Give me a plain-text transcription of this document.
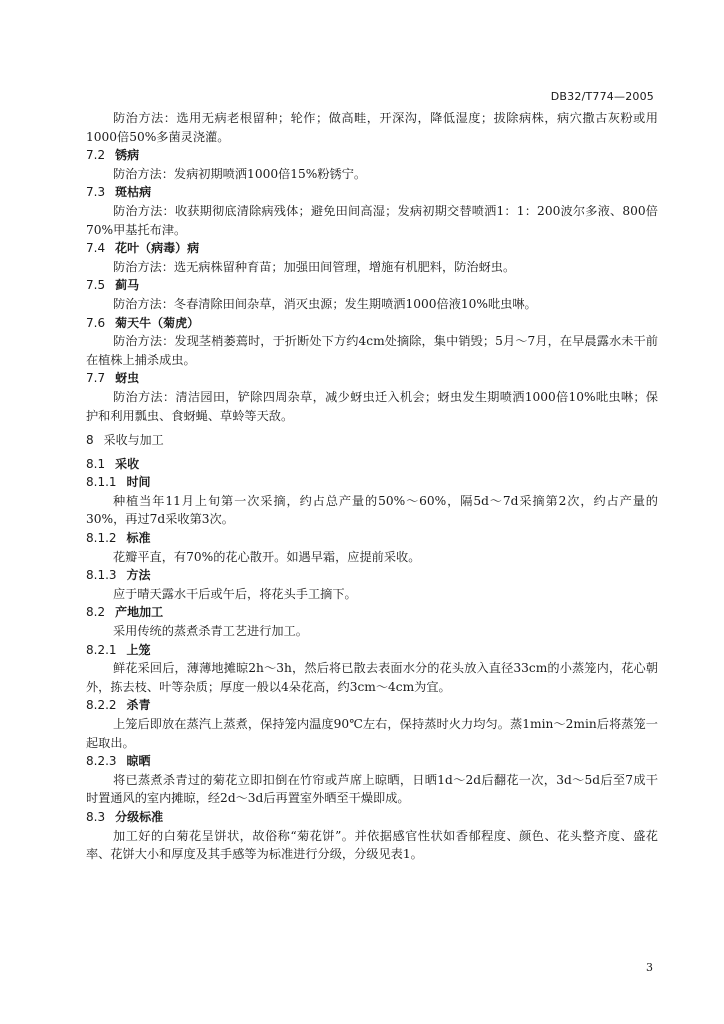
DB32/T774—2005

防治方法：选用无病老根留种；轮作；做高畦，开深沟，降低湿度；拔除病株，病穴撒古灰粉或用1000倍50%多菌灵浇灌。

7.2 锈病

防治方法：发病初期喷洒1000倍15%粉锈宁。

7.3 斑枯病

防治方法：收获期彻底清除病残体；避免田间高湿；发病初期交替喷洒1：1：200波尔多液、800倍70%甲基托布津。

7.4 花叶（病毒）病

防治方法：选无病株留种育苗；加强田间管理，增施有机肥料，防治蚜虫。

7.5 蓟马

防治方法：冬春清除田间杂草，消灭虫源；发生期喷洒1000倍液10%吡虫啉。

7.6 菊天牛（菊虎）

防治方法：发现茎梢萎蔫时，于折断处下方约4cm处摘除，集中销毁；5月～7月，在早晨露水未干前在植株上捕杀成虫。

7.7 蚜虫

防治方法：清洁园田，铲除四周杂草，减少蚜虫迁入机会；蚜虫发生期喷洒1000倍10%吡虫啉；保护和利用瓢虫、食蚜蝇、草蛉等天敌。

8 采收与加工
8.1 采收
8.1.1 时间

种植当年11月上旬第一次采摘，约占总产量的50%～60%，隔5d～7d采摘第2次，约占产量的30%，再过7d采收第3次。

8.1.2 标准

花瓣平直，有70%的花心散开。如遇早霜，应提前采收。

8.1.3 方法

应于晴天露水干后或午后，将花头手工摘下。

8.2 产地加工

采用传统的蒸煮杀青工艺进行加工。

8.2.1 上笼

鲜花采回后，薄薄地摊晾2h～3h，然后将已散去表面水分的花头放入直径33cm的小蒸笼内，花心朝外，拣去枝、叶等杂质；厚度一般以4朵花高，约3cm～4cm为宜。

8.2.2 杀青

上笼后即放在蒸汽上蒸煮，保持笼内温度90℃左右，保持蒸时火力均匀。蒸1min～2min后将蒸笼一起取出。

8.2.3 晾晒

将已蒸煮杀青过的菊花立即扣倒在竹帘或芦席上晾晒，日晒1d～2d后翻花一次，3d～5d后至7成干时置通风的室内摊晾，经2d～3d后再置室外晒至干燥即成。

8.3 分级标准

加工好的白菊花呈饼状，故俗称“菊花饼”。并依据感官性状如香郁程度、颜色、花头整齐度、盛花率、花饼大小和厚度及其手感等为标准进行分级，分级见表1。

3
